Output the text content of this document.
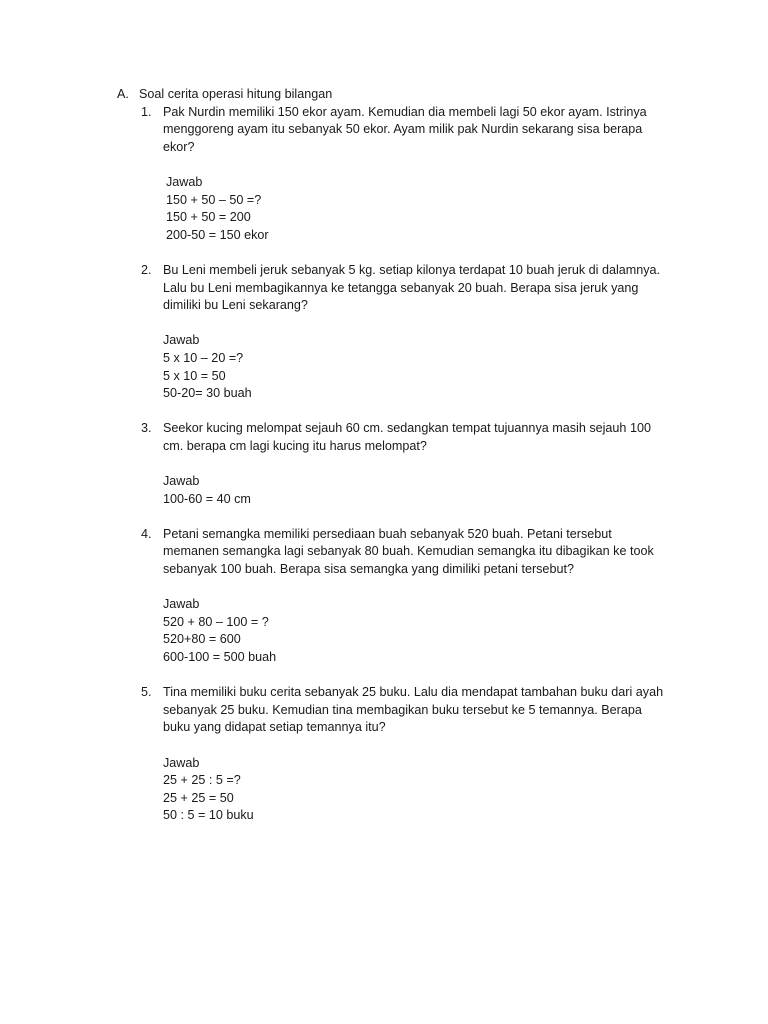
A. Soal cerita operasi hitung bilangan
1. Pak Nurdin memiliki 150 ekor ayam. Kemudian dia membeli lagi 50 ekor ayam. Istrinya menggoreng ayam itu sebanyak 50 ekor. Ayam milik pak Nurdin sekarang sisa berapa ekor?

Jawab
150 + 50 – 50 =?
150 + 50 = 200
200-50 = 150 ekor
2. Bu Leni membeli jeruk sebanyak 5 kg. setiap kilonya terdapat 10 buah jeruk di dalamnya. Lalu bu Leni membagikannya ke tetangga sebanyak 20 buah. Berapa sisa jeruk yang dimiliki bu Leni sekarang?

Jawab
5 x 10 – 20 =?
5 x 10 = 50
50-20= 30 buah
3. Seekor kucing melompat sejauh 60 cm. sedangkan tempat tujuannya masih sejauh 100 cm. berapa cm lagi kucing itu harus melompat?

Jawab
100-60 = 40 cm
4. Petani semangka memiliki persediaan buah sebanyak 520 buah. Petani tersebut memanen semangka lagi sebanyak 80 buah. Kemudian semangka itu dibagikan ke took sebanyak 100 buah. Berapa sisa semangka yang dimiliki petani tersebut?

Jawab
520 + 80 – 100 = ?
520+80 = 600
600-100 = 500 buah
5. Tina memiliki buku cerita sebanyak 25 buku. Lalu dia mendapat tambahan buku dari ayah sebanyak 25 buku. Kemudian tina membagikan buku tersebut ke 5 temannya. Berapa buku yang didapat setiap temannya itu?

Jawab
25 + 25 : 5 =?
25 + 25 = 50
50 : 5 = 10 buku
